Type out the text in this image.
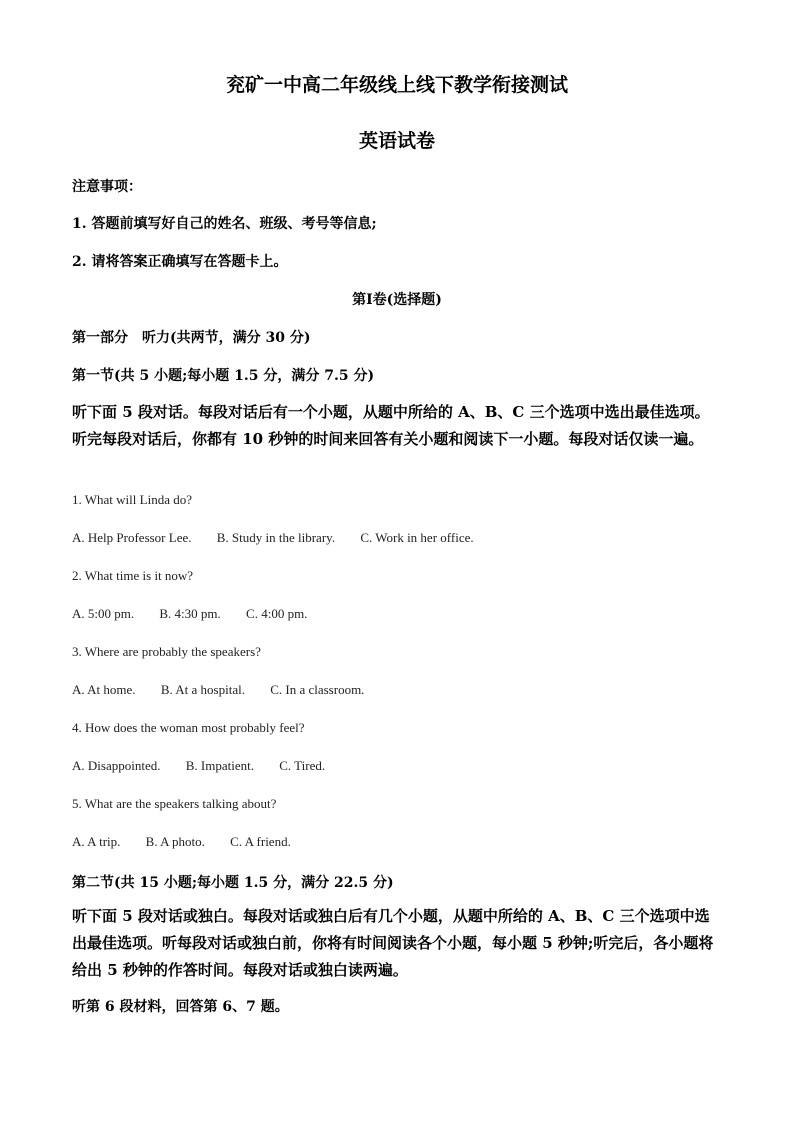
兖矿一中高二年级线上线下教学衔接测试
英语试卷
注意事项：
1. 答题前填写好自己的姓名、班级、考号等信息;
2. 请将答案正确填写在答题卡上。
第Ⅰ卷(选择题)
第一部分　听力(共两节，满分 30 分)
第一节(共 5 小题;每小题 1.5 分，满分 7.5 分)

听下面 5 段对话。每段对话后有一个小题，从题中所给的 A、B、C 三个选项中选出最佳选项。听完每段对话后，你都有 10 秒钟的时间来回答有关小题和阅读下一小题。每段对话仅读一遍。

1. What will Linda do?
A. Help Professor Lee. B. Study in the library. C. Work in her office.
2. What time is it now?
A. 5:00 pm. B. 4:30 pm. C. 4:00 pm.
3. Where are probably the speakers?
A. At home. B. At a hospital. C. In a classroom.
4. How does the woman most probably feel?
A. Disappointed. B. Impatient. C. Tired.
5. What are the speakers talking about?
A. A trip. B. A photo. C. A friend.
第二节(共 15 小题;每小题 1.5 分，满分 22.5 分)

听下面 5 段对话或独白。每段对话或独白后有几个小题，从题中所给的 A、B、C 三个选项中选出最佳选项。听每段对话或独白前，你将有时间阅读各个小题，每小题 5 秒钟;听完后，各小题将给出 5 秒钟的作答时间。每段对话或独白读两遍。

听第 6 段材料，回答第 6、7 题。
